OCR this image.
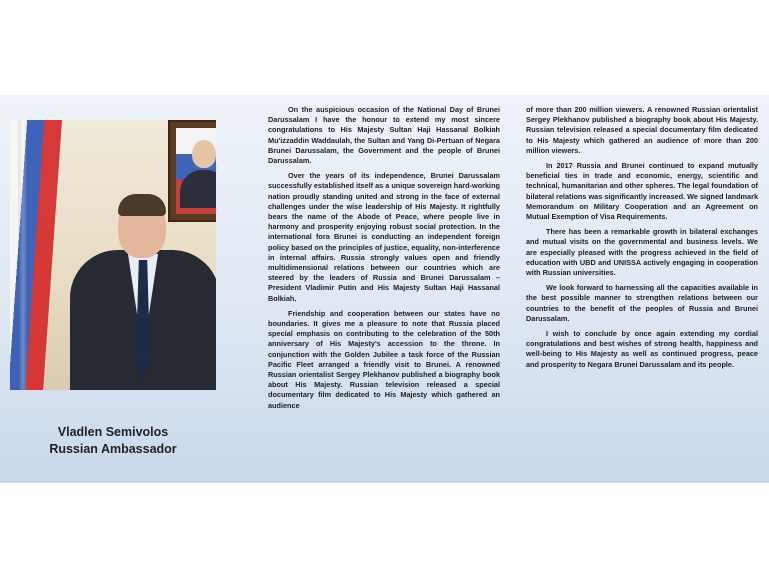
Vladlen Semivolos
Russian Ambassador

On the auspicious occasion of the National Day of Brunei Darussalam I have the honour to extend my most sincere congratulations to His Majesty Sultan Haji Hassanal Bolkiah Mu'izzaddin Waddaulah, the Sultan and Yang Di-Pertuan of Negara Brunei Darussalam, the Government and the people of Brunei Darussalam.

Over the years of its independence, Brunei Darussalam successfully established itself as a unique sovereign hard-working nation proudly standing united and strong in the face of external challenges under the wise leadership of His Majesty. It rightfully bears the name of the Abode of Peace, where people live in harmony and prosperity enjoying robust social protection. In the international fora Brunei is conducting an independent foreign policy based on the principles of justice, equality, non-interference in internal affairs. Russia strongly values open and friendly multidimensional relations between our countries which are steered by the leaders of Russia and Brunei Darussalam – President Vladimir Putin and His Majesty Sultan Haji Hassanal Bolkiah.

Friendship and cooperation between our states have no boundaries. It gives me a pleasure to note that Russia placed special emphasis on contributing to the celebration of the 50th anniversary of His Majesty's accession to the throne. In conjunction with the Golden Jubilee a task force of the Russian Pacific Fleet arranged a friendly visit to Brunei. A renowned Russian orientalist Sergey Plekhanov published a biography book about His Majesty. Russian television released a special documentary film dedicated to His Majesty which gathered an audience

of more than 200 million viewers. A renowned Russian orientalist Sergey Plekhanov published a biography book about His Majesty. Russian television released a special documentary film dedicated to His Majesty which gathered an audience of more than 200 million viewers.

In 2017 Russia and Brunei continued to expand mutually beneficial ties in trade and economic, energy, scientific and technical, humanitarian and other spheres. The legal foundation of bilateral relations was significantly increased. We signed landmark Memorandum on Military Cooperation and an Agreement on Mutual Exemption of Visa Requirements.

There has been a remarkable growth in bilateral exchanges and mutual visits on the governmental and business levels. We are especially pleased with the progress achieved in the field of education with UBD and UNISSA actively engaging in cooperation with Russian universities.

We look forward to harnessing all the capacities available in the best possible manner to strengthen relations between our countries to the benefit of the peoples of Russia and Brunei Darussalam.

I wish to conclude by once again extending my cordial congratulations and best wishes of strong health, happiness and well-being to His Majesty as well as continued progress, peace and prosperity to Negara Brunei Darussalam and its people.
